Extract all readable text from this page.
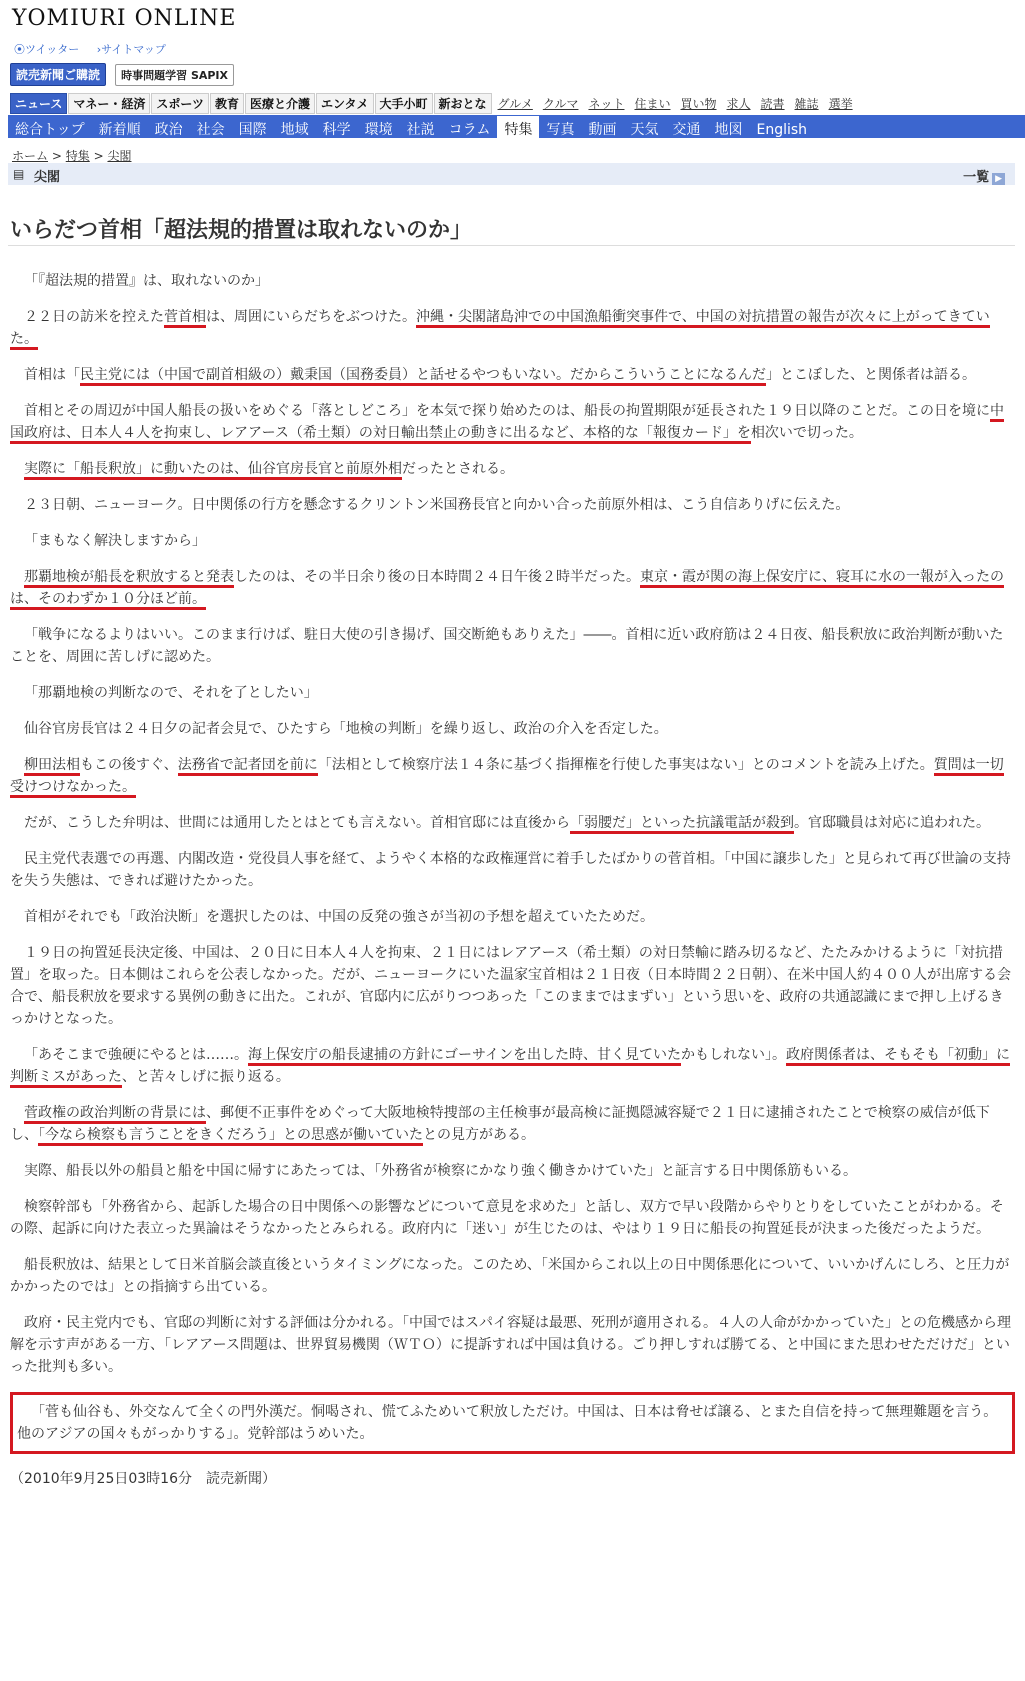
YOMIURI ONLINE
⦿ツイッター ›サイトマップ
読売新聞ご購読 時事問題学習 SAPIX
ニュース マネー・経済 スポーツ 教育 医療と介護 エンタメ 大手小町 新おとな グルメ クルマ ネット 住まい 買い物 求人 読書 雑誌 選挙
総合トップ 新着順 政治 社会 国際 地域 科学 環境 社説 コラム 特集 写真 動画 天気 交通 地図 English
ホーム > 特集 > 尖閣
▤ 尖閣	一覧 ▶
いらだつ首相「超法規的措置は取れないのか」

「『超法規的措置』は、取れないのか」

２２日の訪米を控えた菅首相は、周囲にいらだちをぶつけた。沖縄・尖閣諸島沖での中国漁船衝突事件で、中国の対抗措置の報告が次々に上がってきていた。

首相は「民主党には（中国で副首相級の）戴秉国（国務委員）と話せるやつもいない。だからこういうことになるんだ」とこぼした、と関係者は語る。

首相とその周辺が中国人船長の扱いをめぐる「落としどころ」を本気で探り始めたのは、船長の拘置期限が延長された１９日以降のことだ。この日を境に中国政府は、日本人４人を拘束し、レアアース（希土類）の対日輸出禁止の動きに出るなど、本格的な「報復カード」を相次いで切った。

実際に「船長釈放」に動いたのは、仙谷官房長官と前原外相だったとされる。

２３日朝、ニューヨーク。日中関係の行方を懸念するクリントン米国務長官と向かい合った前原外相は、こう自信ありげに伝えた。

「まもなく解決しますから」

那覇地検が船長を釈放すると発表したのは、その半日余り後の日本時間２４日午後２時半だった。東京・霞が関の海上保安庁に、寝耳に水の一報が入ったのは、そのわずか１０分ほど前。

「戦争になるよりはいい。このまま行けば、駐日大使の引き揚げ、国交断絶もありえた」――。首相に近い政府筋は２４日夜、船長釈放に政治判断が動いたことを、周囲に苦しげに認めた。

「那覇地検の判断なので、それを了としたい」

仙谷官房長官は２４日夕の記者会見で、ひたすら「地検の判断」を繰り返し、政治の介入を否定した。

柳田法相もこの後すぐ、法務省で記者団を前に「法相として検察庁法１４条に基づく指揮権を行使した事実はない」とのコメントを読み上げた。質問は一切受けつけなかった。

だが、こうした弁明は、世間には通用したとはとても言えない。首相官邸には直後から「弱腰だ」といった抗議電話が殺到。官邸職員は対応に追われた。

民主党代表選での再選、内閣改造・党役員人事を経て、ようやく本格的な政権運営に着手したばかりの菅首相。「中国に譲歩した」と見られて再び世論の支持を失う失態は、できれば避けたかった。

首相がそれでも「政治決断」を選択したのは、中国の反発の強さが当初の予想を超えていたためだ。

１９日の拘置延長決定後、中国は、２０日に日本人４人を拘束、２１日にはレアアース（希土類）の対日禁輸に踏み切るなど、たたみかけるように「対抗措置」を取った。日本側はこれらを公表しなかった。だが、ニューヨークにいた温家宝首相は２１日夜（日本時間２２日朝）、在米中国人約４００人が出席する会合で、船長釈放を要求する異例の動きに出た。これが、官邸内に広がりつつあった「このままではまずい」という思いを、政府の共通認識にまで押し上げるきっかけとなった。

「あそこまで強硬にやるとは……。海上保安庁の船長逮捕の方針にゴーサインを出した時、甘く見ていたかもしれない」。政府関係者は、そもそも「初動」に判断ミスがあった、と苦々しげに振り返る。

菅政権の政治判断の背景には、郵便不正事件をめぐって大阪地検特捜部の主任検事が最高検に証拠隠滅容疑で２１日に逮捕されたことで検察の威信が低下し、「今なら検察も言うことをきくだろう」との思惑が働いていたとの見方がある。

実際、船長以外の船員と船を中国に帰すにあたっては、「外務省が検察にかなり強く働きかけていた」と証言する日中関係筋もいる。

検察幹部も「外務省から、起訴した場合の日中関係への影響などについて意見を求めた」と話し、双方で早い段階からやりとりをしていたことがわかる。その際、起訴に向けた表立った異論はそうなかったとみられる。政府内に「迷い」が生じたのは、やはり１９日に船長の拘置延長が決まった後だったようだ。

船長釈放は、結果として日米首脳会談直後というタイミングになった。このため、「米国からこれ以上の日中関係悪化について、いいかげんにしろ、と圧力がかかったのでは」との指摘すら出ている。

政府・民主党内でも、官邸の判断に対する評価は分かれる。「中国ではスパイ容疑は最悪、死刑が適用される。４人の人命がかかっていた」との危機感から理解を示す声がある一方、「レアアース問題は、世界貿易機関（ＷＴＯ）に提訴すれば中国は負ける。ごり押しすれば勝てる、と中国にまた思わせただけだ」といった批判も多い。

「菅も仙谷も、外交なんて全くの門外漢だ。恫喝され、慌てふためいて釈放しただけ。中国は、日本は脅せば譲る、とまた自信を持って無理難題を言う。他のアジアの国々もがっかりする」。党幹部はうめいた。

（2010年9月25日03時16分　読売新聞）
